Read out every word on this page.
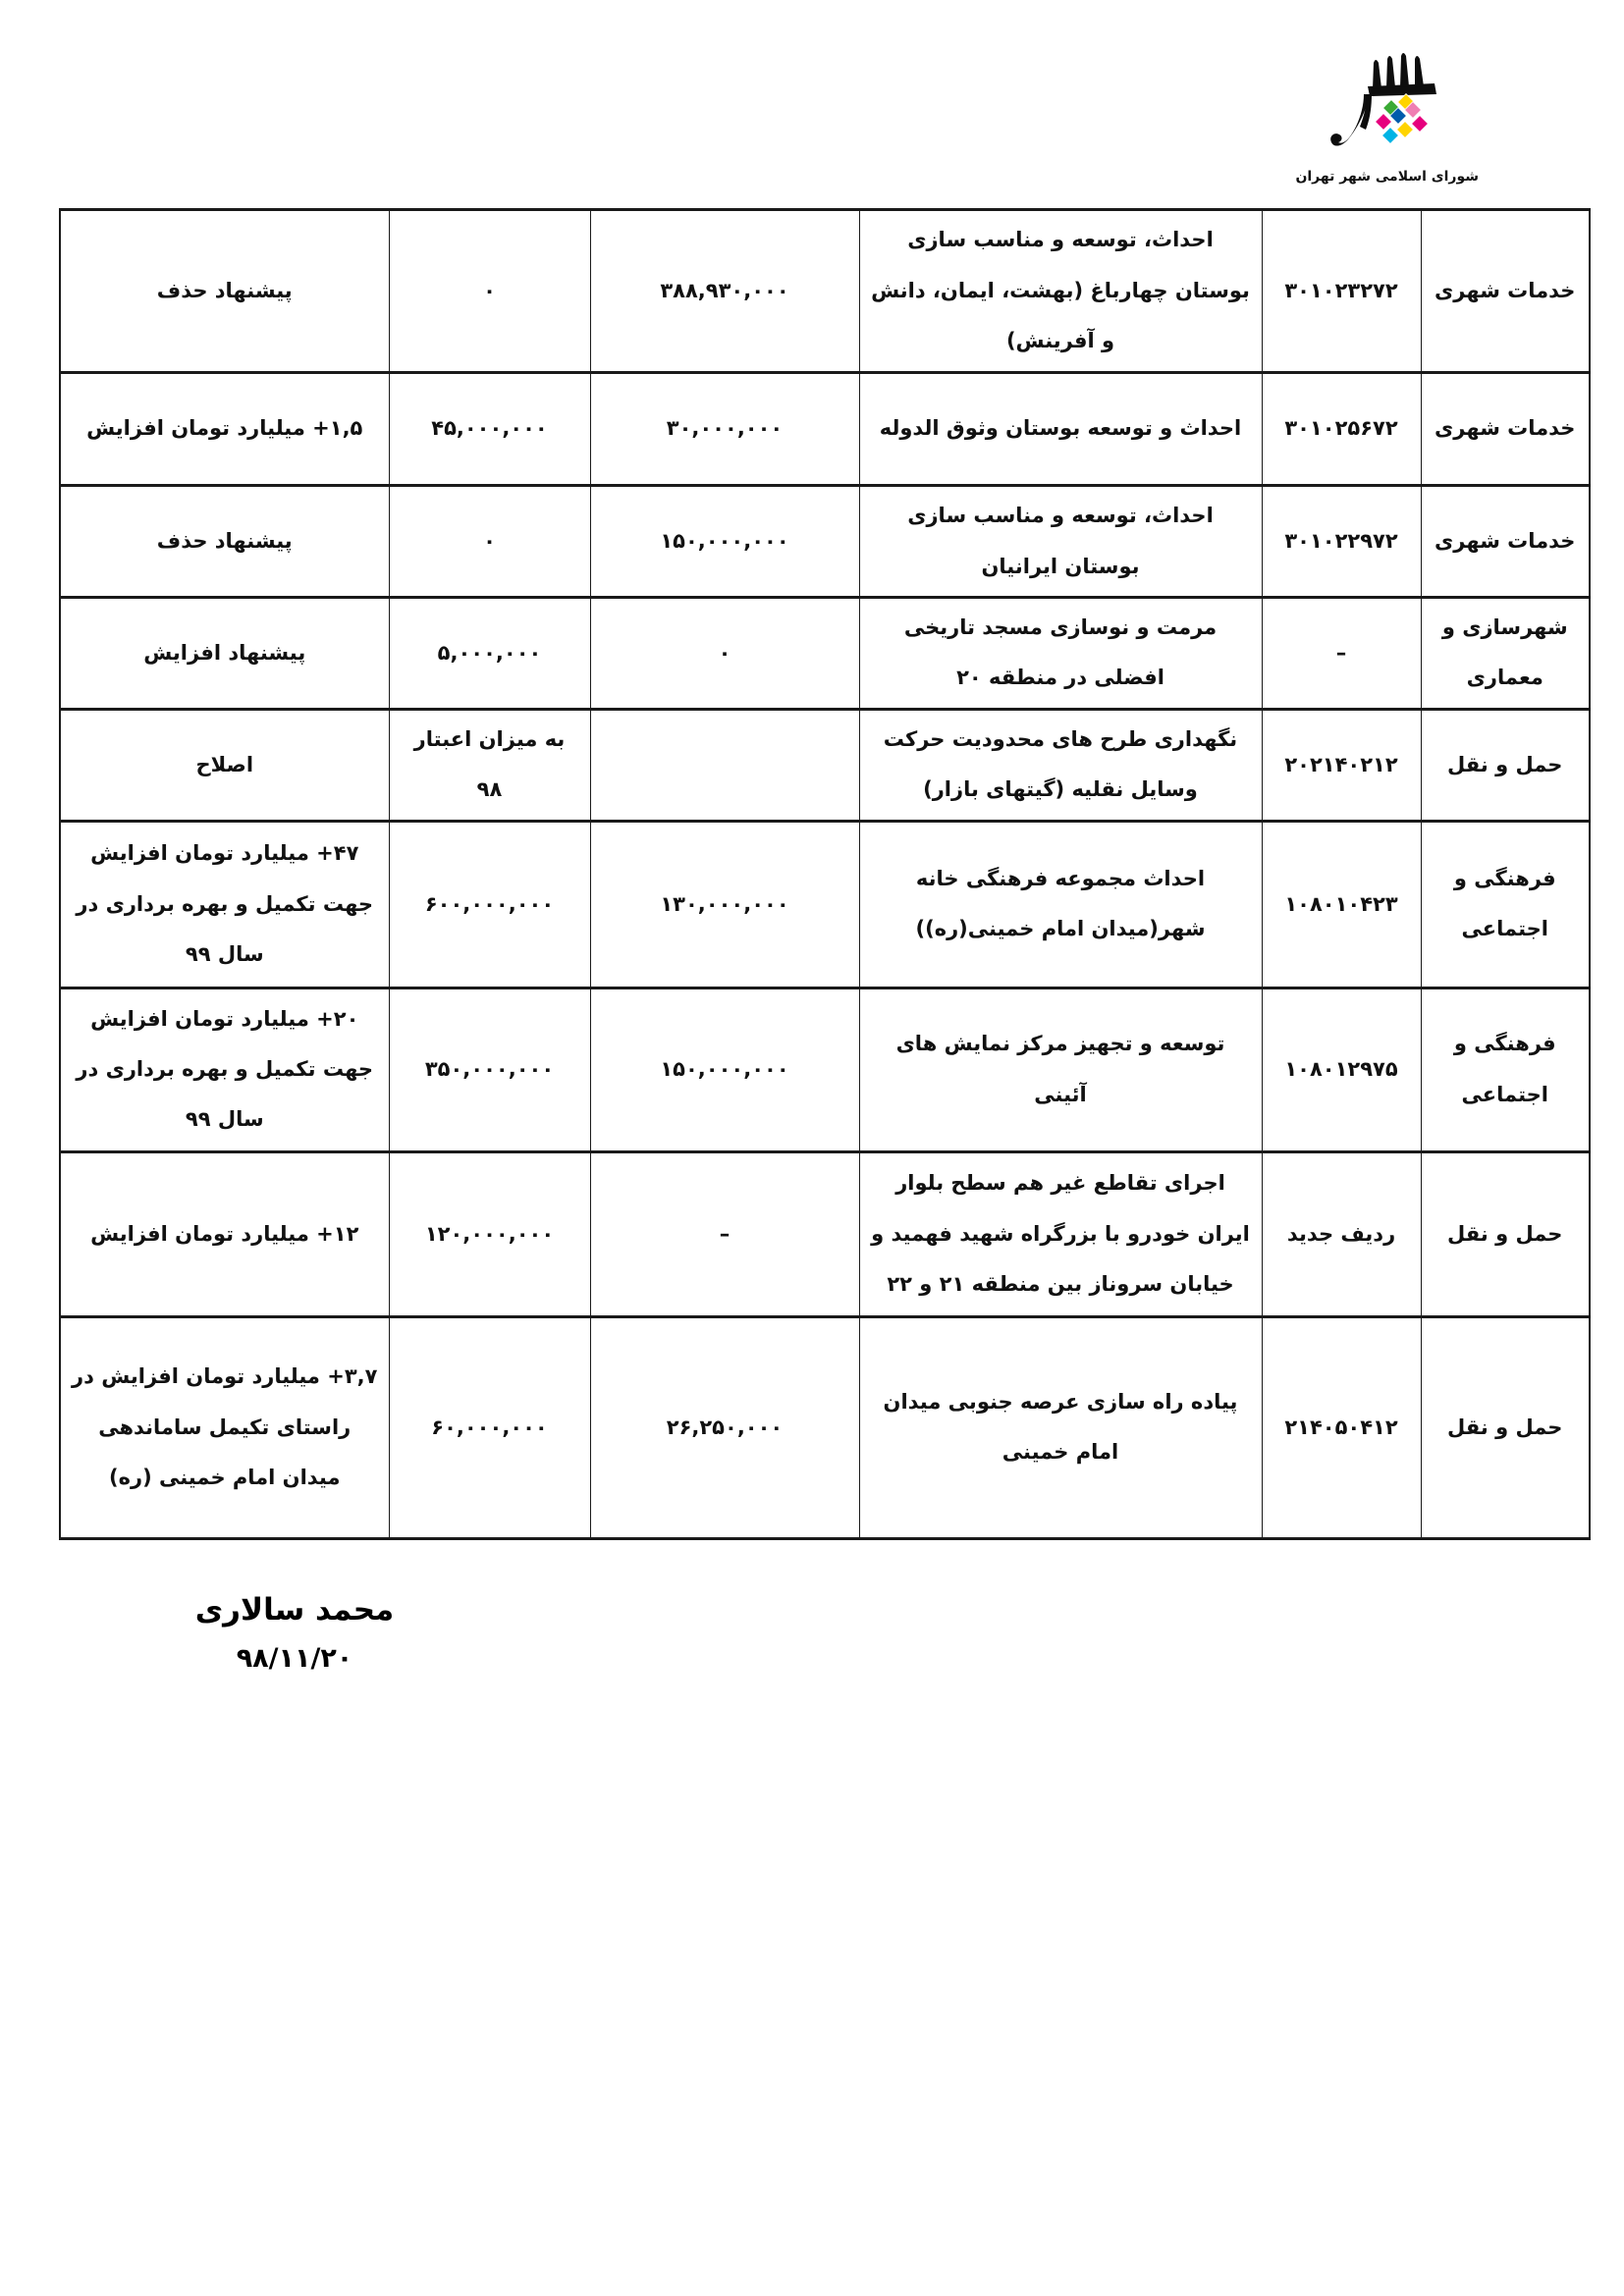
شورای اسلامی شهر تهران
خدمات شهری	۳۰۱۰۲۳۲۷۲	احداث، توسعه و مناسب سازی بوستان چهارباغ (بهشت، ایمان، دانش و آفرینش)	۳۸۸,۹۳۰,۰۰۰	۰	پیشنهاد حذف
خدمات شهری	۳۰۱۰۲۵۶۷۲	احداث و توسعه بوستان وثوق الدوله	۳۰,۰۰۰,۰۰۰	۴۵,۰۰۰,۰۰۰	۱,۵+ میلیارد تومان افزایش
خدمات شهری	۳۰۱۰۲۲۹۷۲	احداث، توسعه و مناسب سازی بوستان ایرانیان	۱۵۰,۰۰۰,۰۰۰	۰	پیشنهاد حذف
شهرسازی و معماری	–	مرمت و نوسازی مسجد تاریخی افضلی در منطقه ۲۰	۰	۵,۰۰۰,۰۰۰	پیشنهاد افزایش
حمل و نقل	۲۰۲۱۴۰۲۱۲	نگهداری طرح های محدودیت حرکت وسایل نقلیه (گیتهای بازار)		به میزان اعبتار ۹۸	اصلاح
فرهنگی و اجتماعی	۱۰۸۰۱۰۴۲۳	احداث مجموعه فرهنگی خانه شهر(میدان امام خمینی(ره))	۱۳۰,۰۰۰,۰۰۰	۶۰۰,۰۰۰,۰۰۰	۴۷+ میلیارد تومان افزایش جهت تکمیل و بهره برداری در سال ۹۹
فرهنگی و اجتماعی	۱۰۸۰۱۲۹۷۵	توسعه و تجهیز مرکز نمایش های آئینی	۱۵۰,۰۰۰,۰۰۰	۳۵۰,۰۰۰,۰۰۰	۲۰+ میلیارد تومان افزایش جهت تکمیل و بهره برداری در سال ۹۹
حمل و نقل	ردیف جدید	اجرای تقاطع غیر هم سطح بلوار ایران خودرو با بزرگراه شهید فهمید و خیابان سروناز بین منطقه ۲۱ و ۲۲	–	۱۲۰,۰۰۰,۰۰۰	۱۲+ میلیارد تومان افزایش
حمل و نقل	۲۱۴۰۵۰۴۱۲	پیاده راه سازی عرصه جنوبی میدان امام خمینی	۲۶,۲۵۰,۰۰۰	۶۰,۰۰۰,۰۰۰	۳,۷+ میلیارد تومان افزایش در راستای تکیمل ساماندهی میدان امام خمینی (ره)
محمد سالاری
۹۸/۱۱/۲۰
